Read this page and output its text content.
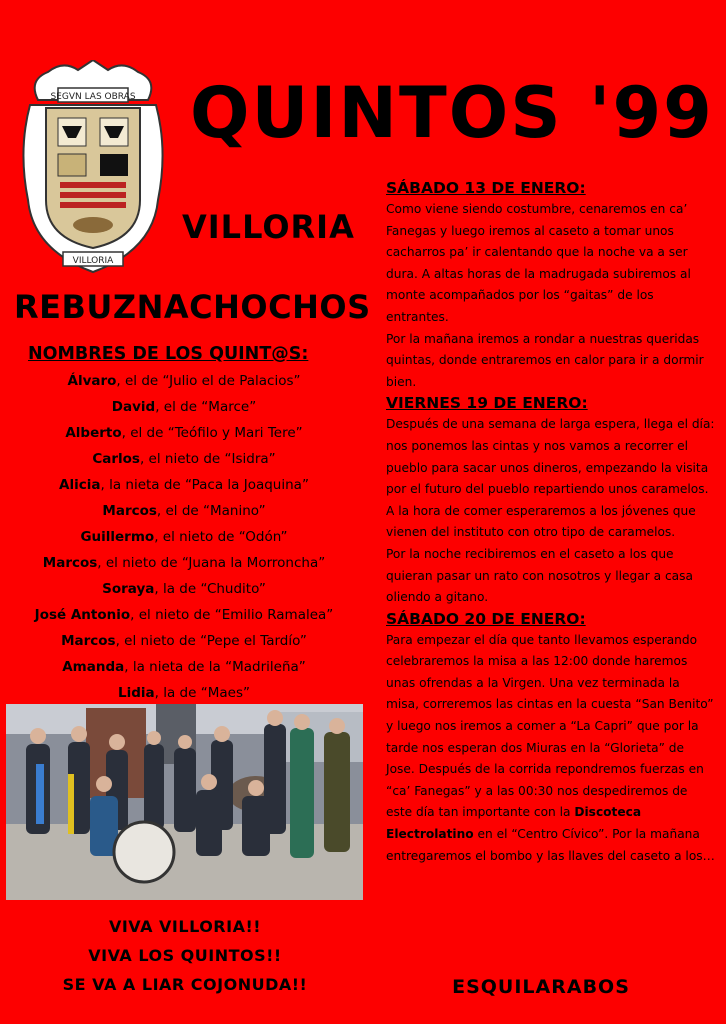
SEGVN LAS OBRAS
VILLORIA
QUINTOS '99
VILLORIA
REBUZNACHOCHOS
NOMBRES DE LOS QUINT@S:
Álvaro, el de “Julio el de Palacios”
David, el de “Marce”
Alberto, el de “Teófilo y Mari Tere”
Carlos, el nieto de “Isidra”
Alicia, la nieta de “Paca la Joaquina”
Marcos, el de “Manino”
Guillermo, el nieto de “Odón”
Marcos, el nieto de “Juana la Morroncha”
Soraya, la de “Chudito”
José Antonio, el nieto de “Emilio Ramalea”
Marcos, el nieto de “Pepe el Tardío”
Amanda, la nieta de la “Madrileña”
Lidia, la de “Maes”
VIVA VILLORIA!!
VIVA LOS QUINTOS!!
SE VA A LIAR COJONUDA!!
SÁBADO 13 DE ENERO:
Como viene siendo costumbre, cenaremos en ca’ Fanegas y luego iremos al caseto a tomar unos cacharros pa’ ir calentando que la noche va a ser dura. A altas horas de la madrugada subiremos al monte acompañados por los “gaitas” de los entrantes.
Por la mañana iremos a rondar a nuestras queridas quintas, donde entraremos en calor para ir a dormir bien.
VIERNES 19 DE ENERO:
Después de una semana de larga espera, llega el día: nos ponemos las cintas y nos vamos a recorrer el pueblo para sacar unos dineros, empezando la visita por el futuro del pueblo repartiendo unos caramelos. A la hora de comer esperaremos a los jóvenes que vienen del instituto con otro tipo de caramelos.
Por la noche recibiremos en el caseto a los que quieran pasar un rato con nosotros y llegar a casa oliendo a gitano.
SÁBADO 20 DE ENERO:
Para empezar el día que tanto llevamos esperando celebraremos la misa a las 12:00 donde haremos unas ofrendas a la Virgen. Una vez terminada la misa, correremos las cintas en la cuesta “San Benito” y luego nos iremos a comer a “La Capri” que por la tarde nos esperan dos Miuras en la “Glorieta” de Jose. Después de la corrida repondremos fuerzas en “ca’ Fanegas” y a las 00:30 nos despediremos de este día tan importante con la Discoteca Electrolatino en el “Centro Cívico”. Por la mañana entregaremos el bombo y las llaves del caseto a los…
ESQUILARABOS
